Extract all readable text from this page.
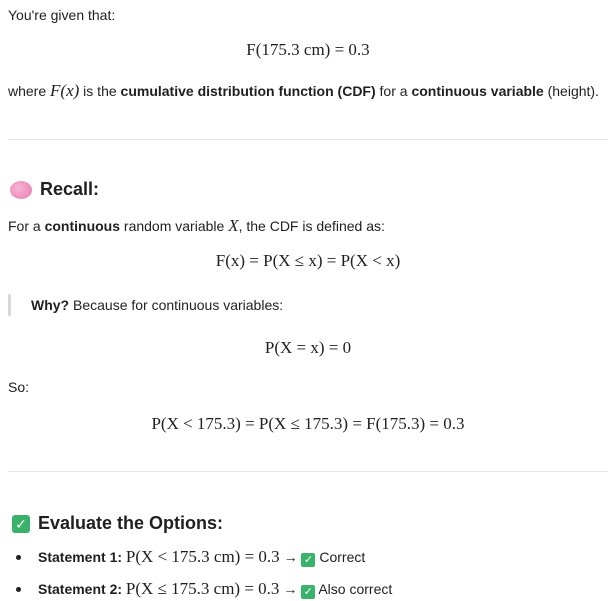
You're given that:
F(175.3 cm) = 0.3
where F(x) is the cumulative distribution function (CDF) for a continuous variable (height).
Recall:
For a continuous random variable X, the CDF is defined as:
F(x) = P(X ≤ x) = P(X < x)
Why? Because for continuous variables:
P(X = x) = 0
So:
P(X < 175.3) = P(X ≤ 175.3) = F(175.3) = 0.3
✓ Evaluate the Options:
Statement 1: P(X < 175.3 cm) = 0.3 → ✓ Correct
Statement 2: P(X ≤ 175.3 cm) = 0.3 → ✓ Also correct
